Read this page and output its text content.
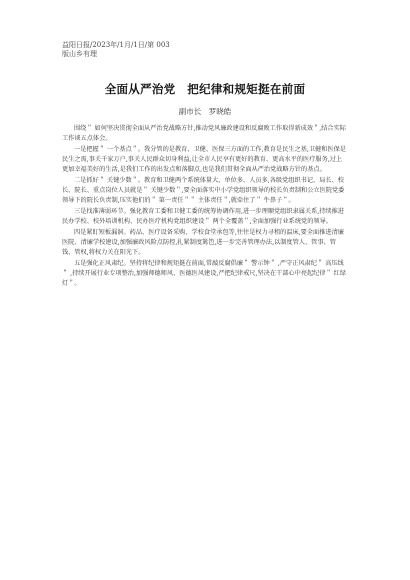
益阳日报/2023年/1月/1日/第 003
版山乡有理
全面从严治党　把纪律和规矩挺在前面
副市长　罗晓皓

围绕＂ 如何坚决贯彻全面从严治党战略方针,推动党风廉政建设和反腐败工作取得新成效＂,结合实际工作谈五点体会。

一是把握＂ 一个基点＂。我分管的是教育、卫健、医保三方面的工作,教育是民生之基,卫健和医保是民生之需,事关千家万户,事关人民群众切身利益,让全市人民享有更好的教育、更高水平的医疗服务,过上更加幸福美好的生活,是我们工作的出发点和落脚点,也是我们贯彻全面从严治党战略方针的基点。

二是抓好＂ 关键少数＂。教育和卫健两个系统体量大、单位多、人员多,各级党组织书记、局长、校长、院长、重点岗位人员就是＂ 关键少数＂,要全面落实中小学党组织领导的校长负责制和公立医院党委领导下的院长负责制,压实他们的＂ 第一责任＂＂ 主体责任＂,就牵住了＂ 牛鼻子＂。

三是找准薄弱环节。强化教育工委和卫健工委的统筹协调作用,进一步理顺党组织隶属关系,持续推进民办学校、校外培训机构、民办医疗机构党组织建设＂ 两个全覆盖＂,全面加强行业系统党的领导。

四是紧盯短板漏洞。药品、医疗设备采购、学校食堂承包等,往往是权力寻租的温床,要全面推进清廉医院、清廉学校建设,加强廉政风险点防控,扎紧制度篱笆,进一步完善管理办法,以制度管人、管事、管钱、管权,将权力关在阳光下。

五是强化正风肃纪。坚持将纪律和规矩挺在前面,常敲反腐倡廉＂ 警示钟＂ ,严守正风肃纪＂ 高压线＂ ,持续开展行业专项整治,加强师德师风、医德医风建设,严把纪律戒尺,坚决在干部心中亮起纪律＂ 红绿灯＂。
